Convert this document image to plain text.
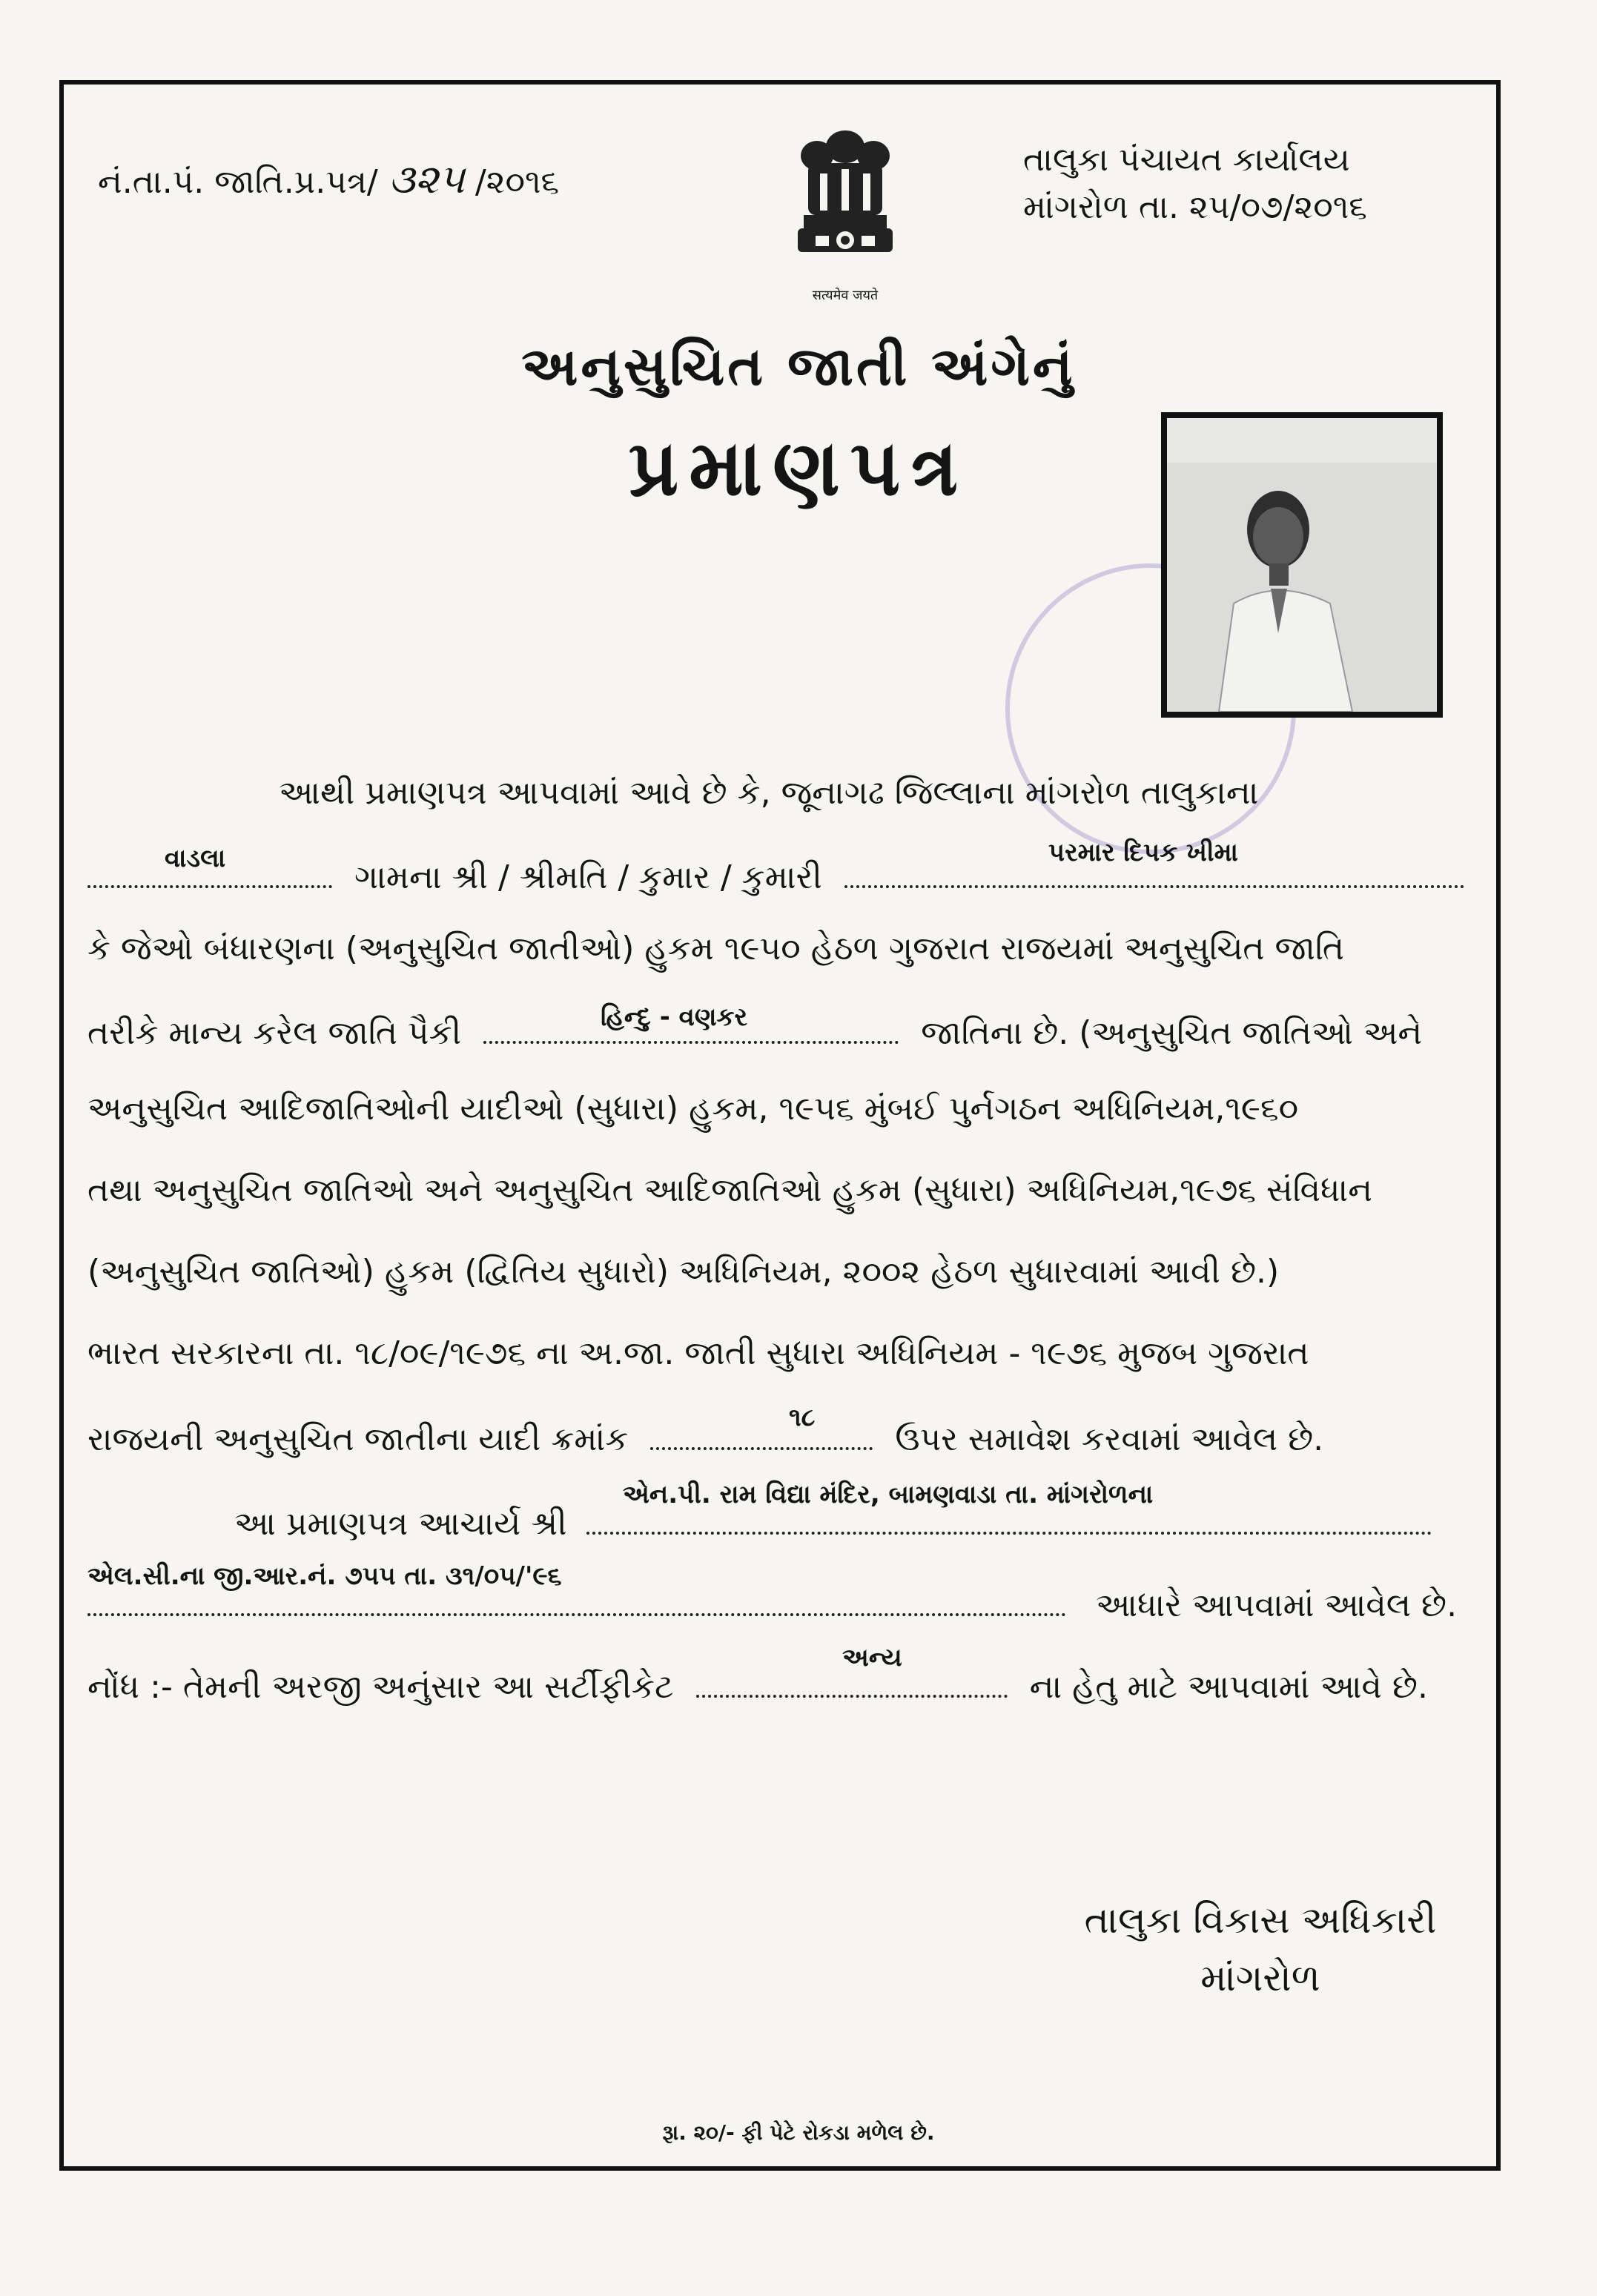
નં.તા.પં. જાતિ.પ્ર.પત્ર/ ૩૨૫ /૨૦૧૬
सत्यमेव जयते
તાલુકા પંચાયત કાર્યાલય
માંગરોળ તા. ૨૫/૦૭/૨૦૧૬
અનુસુચિત જાતી અંગેનું
પ્રમાણપત્ર
આથી પ્રમાણપત્ર આપવામાં આવે છે કે, જૂનાગઢ જિલ્લાના માંગરોળ તાલુકાના
ગામના શ્રી / શ્રીમતિ / કુમાર / કુમારી
વાડલા	પરમાર દિપક ખીમા
કે જેઓ બંધારણના (અનુસુચિત જાતીઓ) હુકમ ૧૯૫૦ હેઠળ ગુજરાત રાજયમાં અનુસુચિત જાતિ
તરીકે માન્ય કરેલ જાતિ પૈકી	જાતિના છે. (અનુસુચિત જાતિઓ અને
હિન્દુ - વણકર
અનુસુચિત આદિજાતિઓની યાદીઓ (સુધારા) હુકમ, ૧૯૫૬ મુંબઈ પુર્નગઠન અધિનિયમ,૧૯૬૦
તથા અનુસુચિત જાતિઓ અને અનુસુચિત આદિજાતિઓ હુકમ (સુધારા) અધિનિયમ,૧૯૭૬ સંવિધાન
(અનુસુચિત જાતિઓ) હુકમ (દ્વિતિય સુધારો) અધિનિયમ, ૨૦૦૨ હેઠળ સુધારવામાં આવી છે.)
ભારત સરકારના તા. ૧૮/૦૯/૧૯૭૬ ના અ.જા. જાતી સુધારા અધિનિયમ - ૧૯૭૬ મુજબ ગુજરાત
રાજયની અનુસુચિત જાતીના યાદી ક્રમાંક	ઉપર સમાવેશ કરવામાં આવેલ છે.
૧૮
આ પ્રમાણપત્ર આચાર્ય શ્રી
એન.પી. રામ વિદ્યા મંદિર, બામણવાડા તા. માંગરોળના
આધારે આપવામાં આવેલ છે.
એલ.સી.ના જી.આર.નં. ૭૫૫ તા. ૩૧/૦૫/'૯૬
નોંધ :- તેમની અરજી અનુંસાર આ સર્ટીફીકેટ	ના હેતુ માટે આપવામાં આવે છે.
અન્ય
તાલુકા વિકાસ અધિકારી
માંગરોળ
રૂા. ૨૦/- ફી પેટે રોકડા મળેલ છે.
